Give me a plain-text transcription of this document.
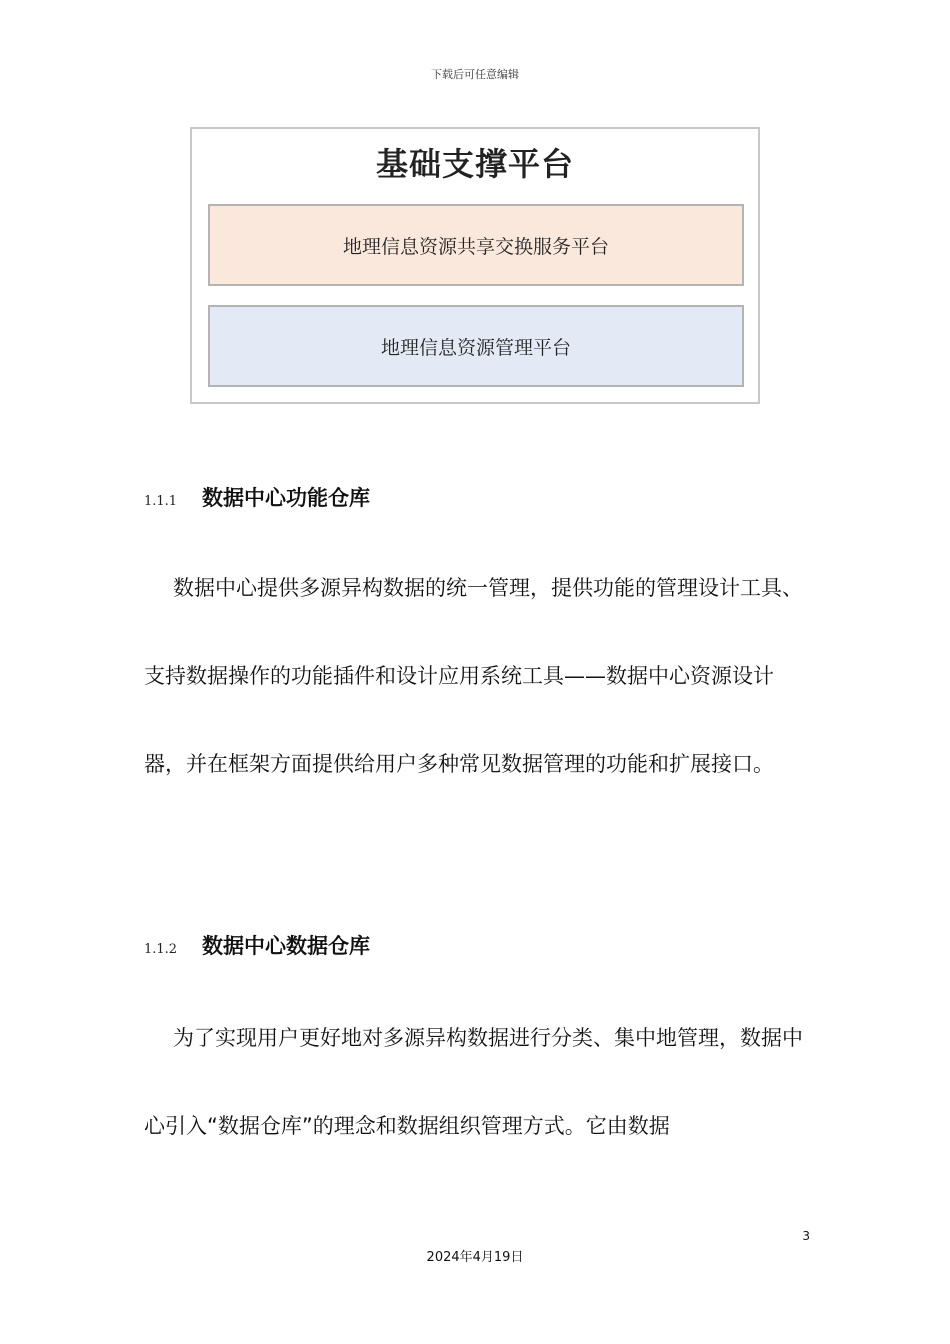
下载后可任意编辑
基础支撑平台
地理信息资源共享交换服务平台
地理信息资源管理平台
1.1.1	数据中心功能仓库

数据中心提供多源异构数据的统一管理，提供功能的管理设计工具、支持数据操作的功能插件和设计应用系统工具——数据中心资源设计器，并在框架方面提供给用户多种常见数据管理的功能和扩展接口。

1.1.2	数据中心数据仓库

为了实现用户更好地对多源异构数据进行分类、集中地管理，数据中心引入“数据仓库”的理念和数据组织管理方式。它由数据

3
2024年4月19日
